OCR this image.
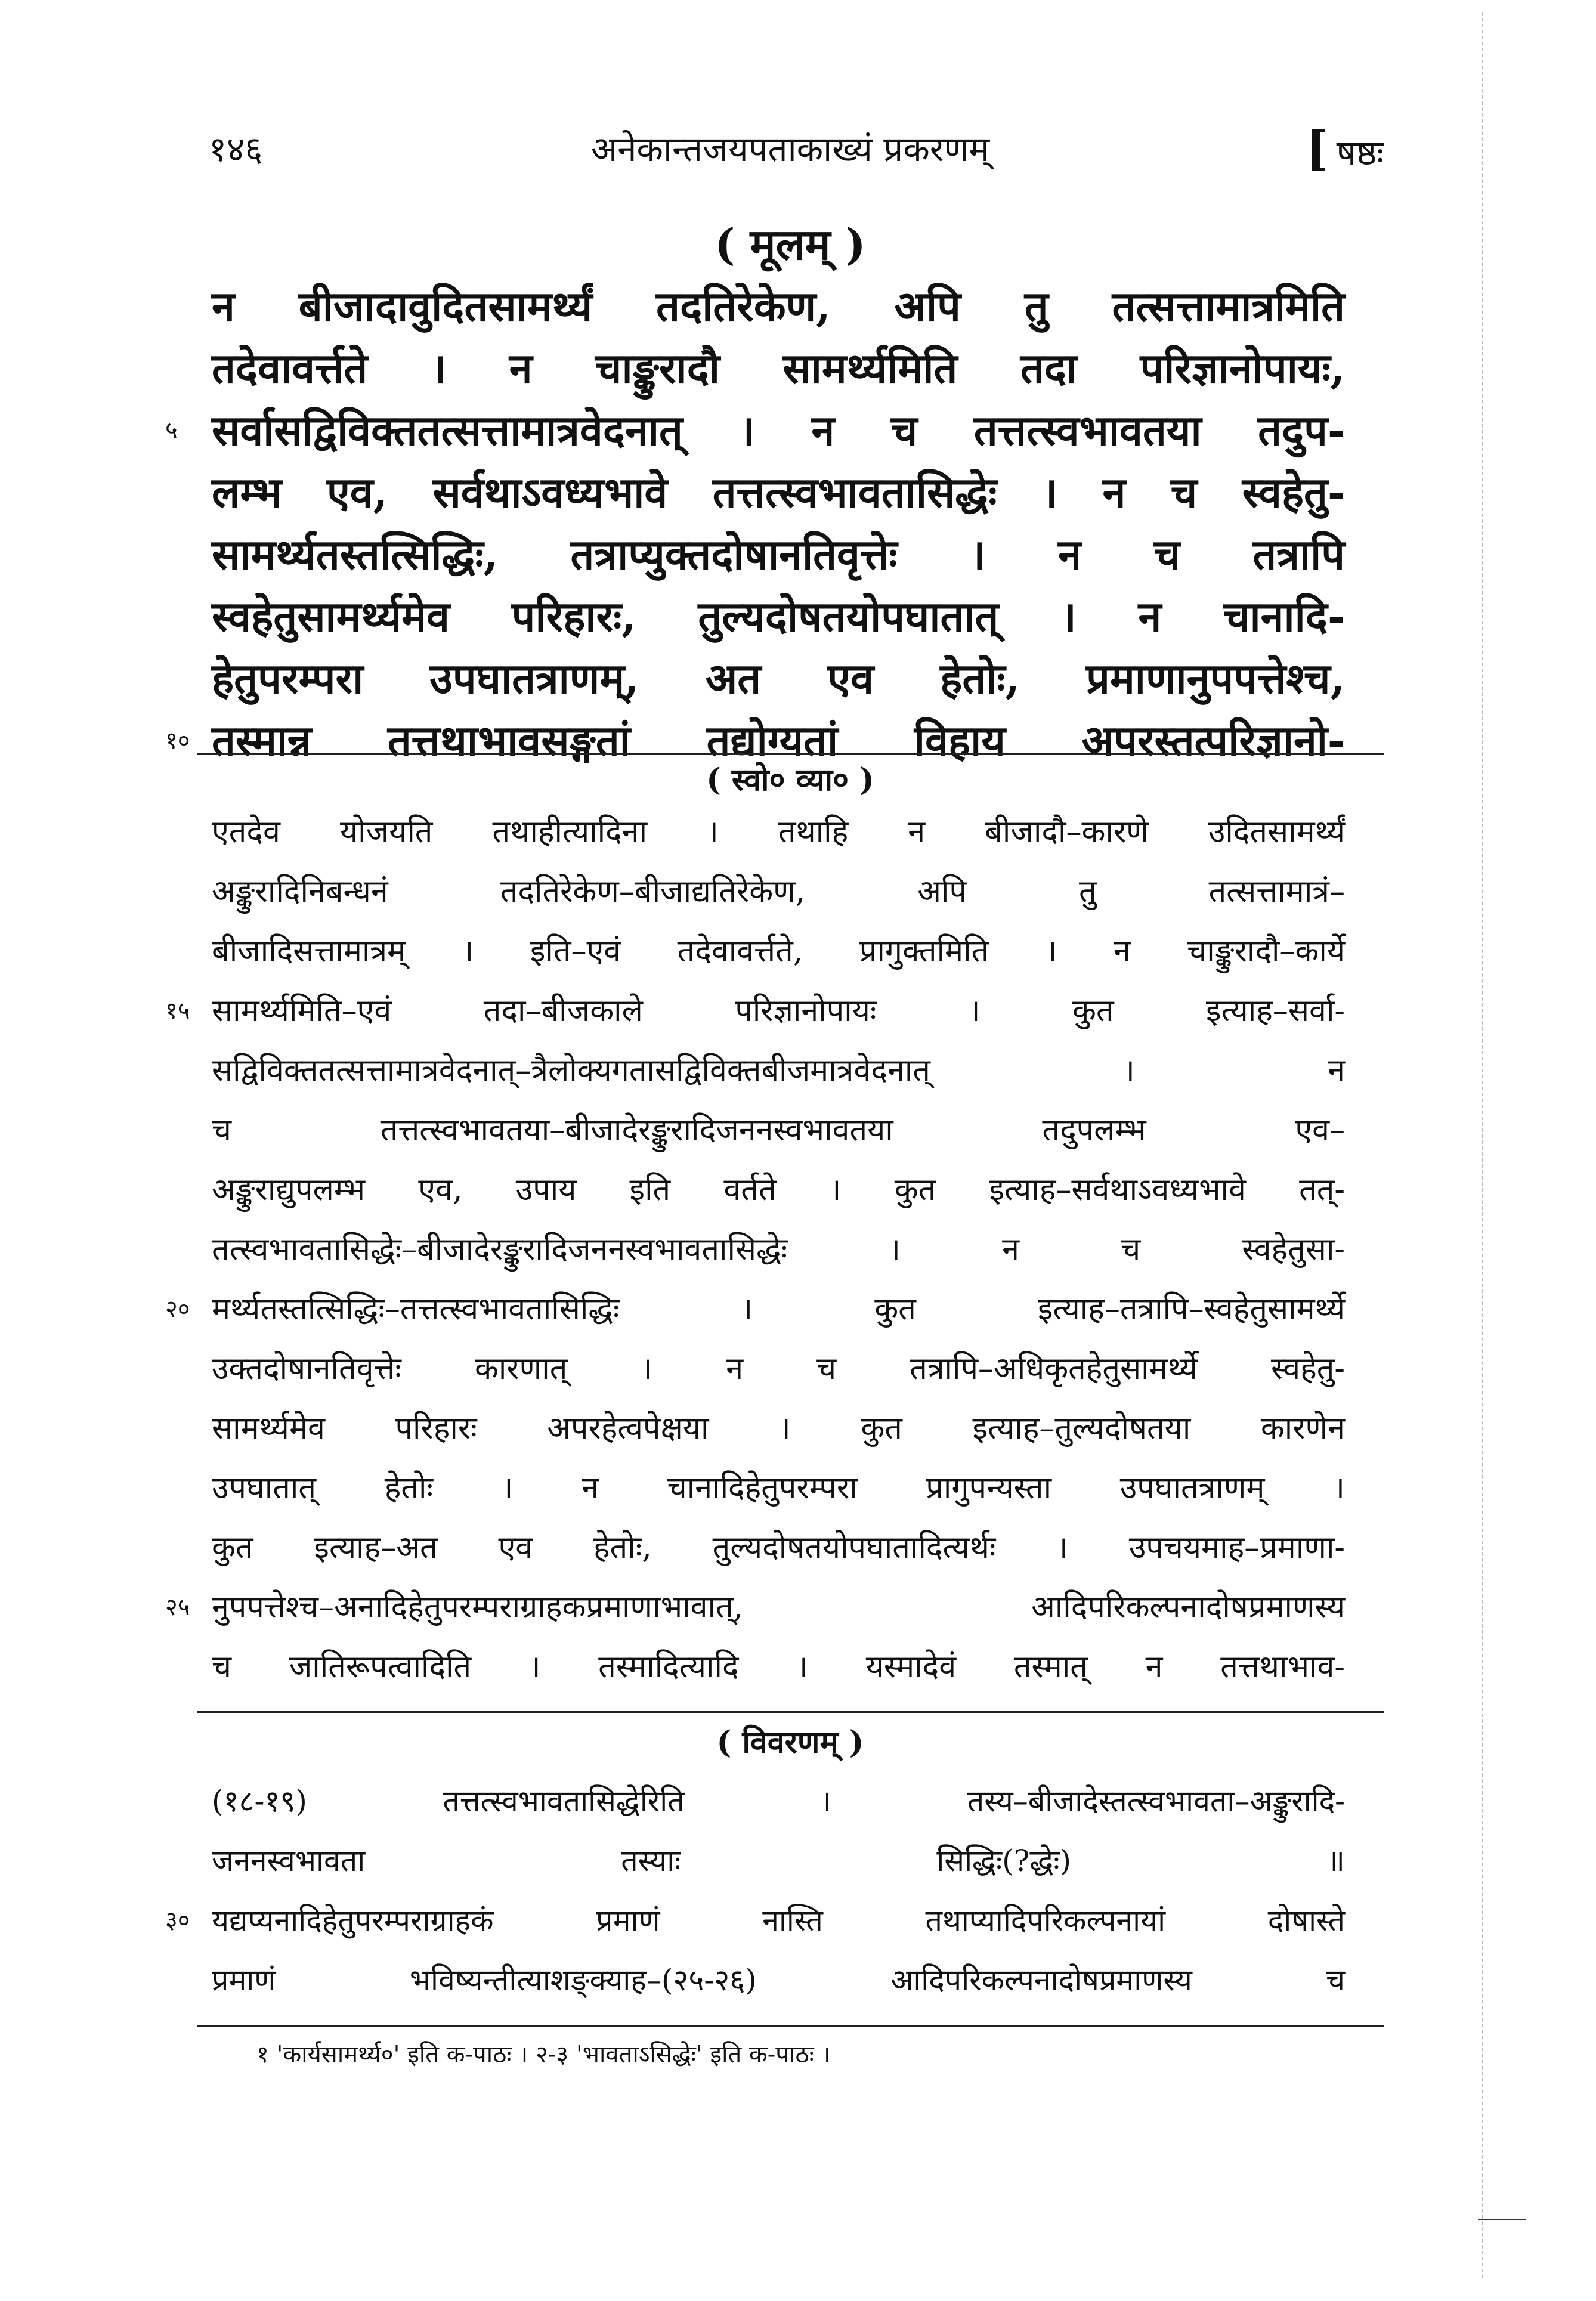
१४६	अनेकान्तजयपताकाख्यं प्रकरणम्	[ षष्ठः
( मूलम् )
न बीजादावुदितसामर्थ्यं तदतिरेकेण, अपि तु तत्सत्तामात्रमिति
तदेवावर्त्तते । न चाङ्कुरादौ सामर्थ्यमिति तदा परिज्ञानोपायः,
५ सर्वासद्विविक्ततत्सत्तामात्रवेदनात् । न च तत्तत्स्वभावतया तदुप-
लम्भ एव, सर्वथाऽवध्यभावे तत्तत्स्वभावतासिद्धेः । न च स्वहेतु-
सामर्थ्यतस्तत्सिद्धिः, तत्राप्युक्तदोषानतिवृत्तेः । न च तत्रापि
स्वहेतुसामर्थ्यमेव परिहारः, तुल्यदोषतयोपघातात् । न चानादि-
हेतुपरम्परा उपघातत्राणम्, अत एव हेतोः, प्रमाणानुपपत्तेश्च,
१० तस्मान्न तत्तथाभावसङ्गतां तद्योग्यतां विहाय अपरस्तत्परिज्ञानो-
( स्वो० व्या० )
एतदेव योजयति तथाहीत्यादिना । तथाहि न बीजादौ–कारणे उदितसामर्थ्यं
अङ्कुरादिनिबन्धनं तदतिरेकेण–बीजाद्यतिरेकेण, अपि तु तत्सत्तामात्रं–
बीजादिसत्तामात्रम् । इति–एवं तदेवावर्त्तते, प्रागुक्तमिति । न चाङ्कुरादौ–कार्ये
१५ सामर्थ्यमिति–एवं तदा–बीजकाले परिज्ञानोपायः । कुत इत्याह–सर्वा-
सद्विविक्ततत्सत्तामात्रवेदनात्–त्रैलोक्यगतासद्विविक्तबीजमात्रवेदनात् । न
च तत्तत्स्वभावतया–बीजादेरङ्कुरादिजननस्वभावतया तदुपलम्भ एव–
अङ्कुराद्युपलम्भ एव, उपाय इति वर्तते । कुत इत्याह–सर्वथाऽवध्यभावे तत्-
तत्स्वभावतासिद्धेः–बीजादेरङ्कुरादिजननस्वभावतासिद्धेः । न च स्वहेतुसा-
२० मर्थ्यतस्तत्सिद्धिः–तत्तत्स्वभावतासिद्धिः । कुत इत्याह–तत्रापि–स्वहेतुसामर्थ्ये
उक्तदोषानतिवृत्तेः कारणात् । न च तत्रापि–अधिकृतहेतुसामर्थ्ये स्वहेतु-
सामर्थ्यमेव परिहारः अपरहेत्वपेक्षया । कुत इत्याह–तुल्यदोषतया कारणेन
उपघातात् हेतोः । न चानादिहेतुपरम्परा प्रागुपन्यस्ता उपघातत्राणम् ।
कुत इत्याह–अत एव हेतोः, तुल्यदोषतयोपघातादित्यर्थः । उपचयमाह–प्रमाणा-
२५ नुपपत्तेश्च–अनादिहेतुपरम्पराग्राहकप्रमाणाभावात्, आदिपरिकल्पनादोषप्रमाणस्य
च जातिरूपत्वादिति । तस्मादित्यादि । यस्मादेवं तस्मात् न तत्तथाभाव-
( विवरणम् )
(१८-१९) तत्तत्स्वभावतासिद्धेरिति । तस्य–बीजादेस्तत्स्वभावता–अङ्कुरादि-
जननस्वभावता तस्याः सिद्धिः(?द्धेः) ॥
३० यद्यप्यनादिहेतुपरम्पराग्राहकं प्रमाणं नास्ति तथाप्यादिपरिकल्पनायां दोषास्ते
प्रमाणं भविष्यन्तीत्याशङ्क्याह–(२५-२६) आदिपरिकल्पनादोषप्रमाणस्य च
१ 'कार्यसामर्थ्य०' इति क-पाठः । २-३ 'भावताऽसिद्धेः' इति क-पाठः ।
